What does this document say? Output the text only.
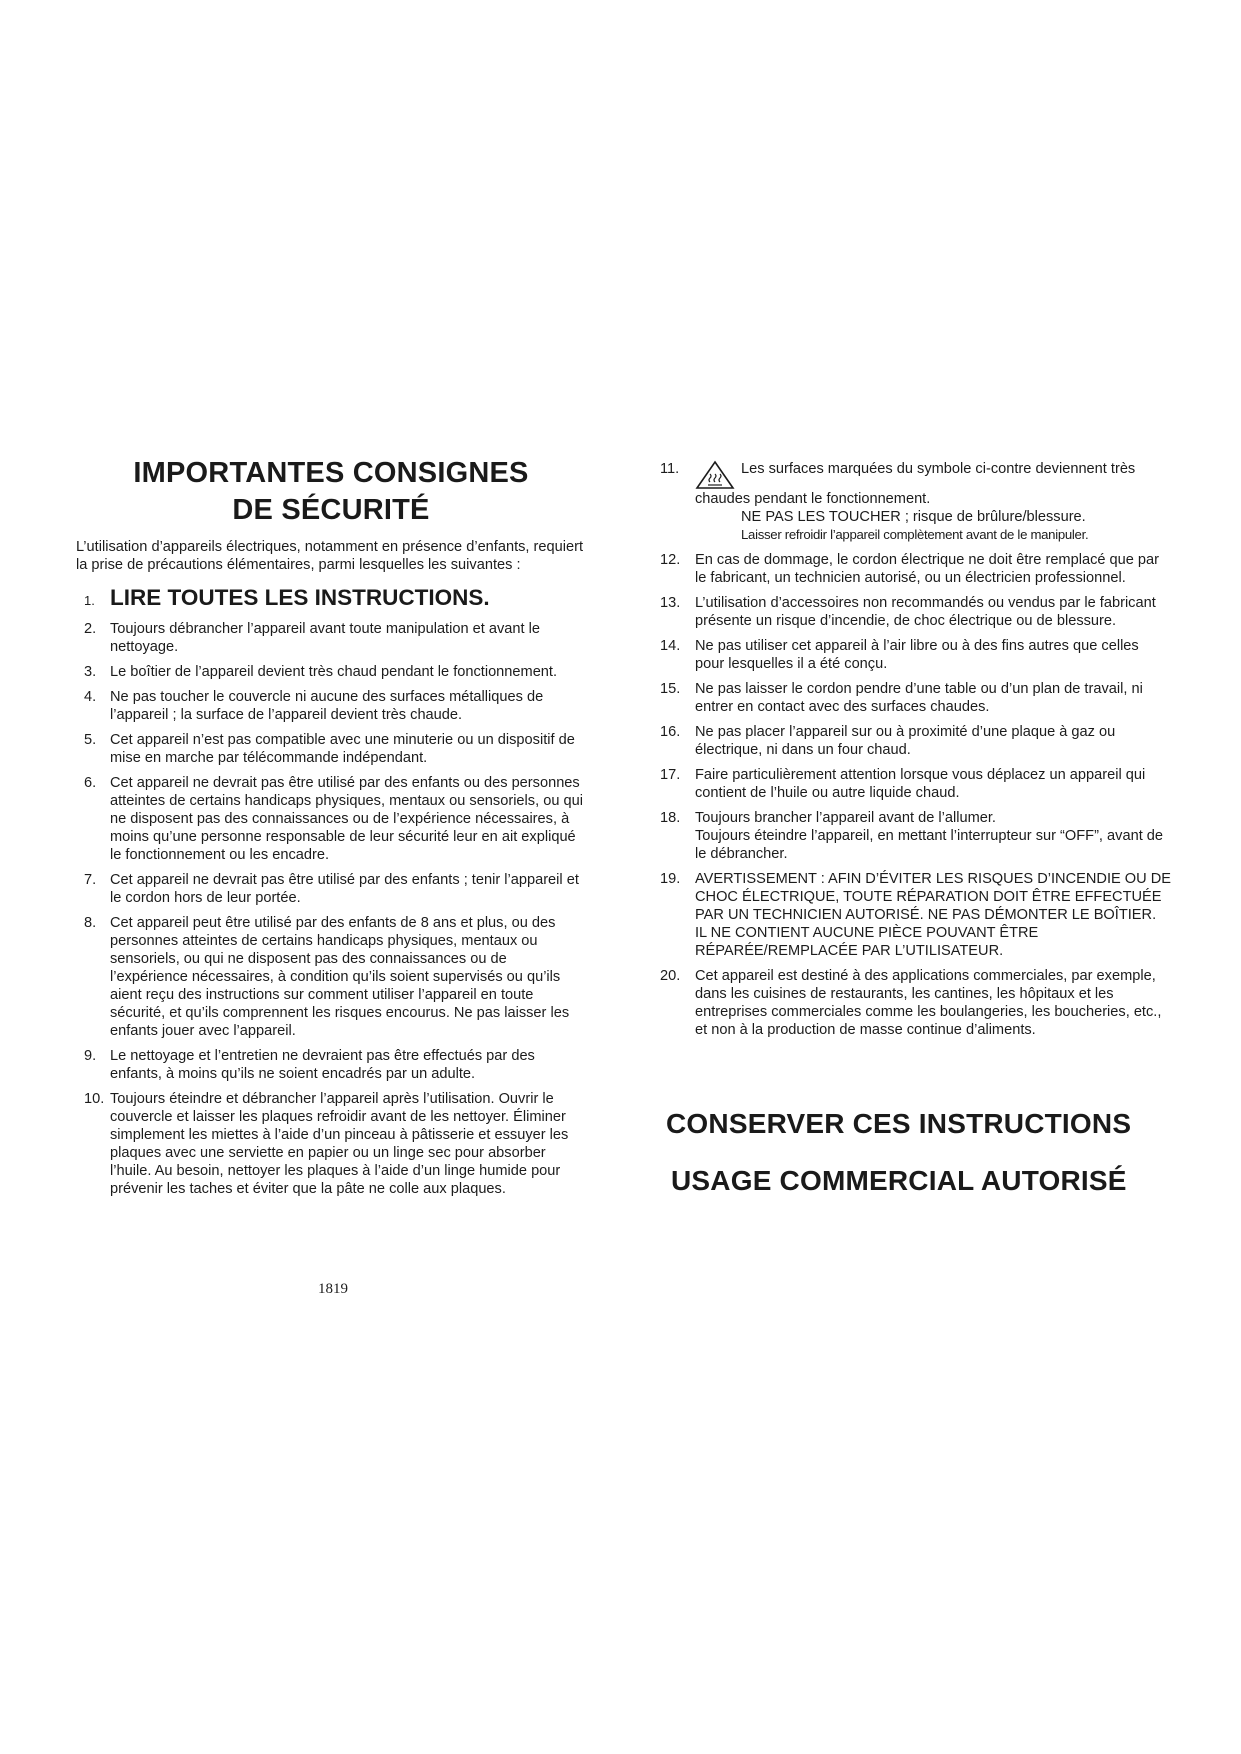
IMPORTANTES CONSIGNES
DE SÉCURITÉ

L’utilisation d’appareils électriques, notamment en présence d’enfants, requiert la prise de précautions élémentaires, parmi lesquelles les suivantes :

1. LIRE TOUTES LES INSTRUCTIONS.
2. Toujours débrancher l’appareil avant toute manipulation et avant le nettoyage.
3. Le boîtier de l’appareil devient très chaud pendant le fonctionnement.
4. Ne pas toucher le couvercle ni aucune des surfaces métalliques de l’appareil ; la surface de l’appareil devient très chaude.
5. Cet appareil n’est pas compatible avec une minuterie ou un dispositif de mise en marche par télécommande indépendant.
6. Cet appareil ne devrait pas être utilisé par des enfants ou des personnes atteintes de certains handicaps physiques, mentaux ou sensoriels, ou qui ne disposent pas des connaissances ou de l’expérience nécessaires, à moins qu’une personne responsable de leur sécurité leur en ait expliqué le fonctionnement ou les encadre.
7. Cet appareil ne devrait pas être utilisé par des enfants ; tenir l’appareil et le cordon hors de leur portée.
8. Cet appareil peut être utilisé par des enfants de 8 ans et plus, ou des personnes atteintes de certains handicaps physiques, mentaux ou sensoriels, ou qui ne disposent pas des connaissances ou de l’expérience nécessaires, à condition qu’ils soient supervisés ou qu’ils aient reçu des instructions sur comment utiliser l’appareil en toute sécurité, et qu’ils comprennent les risques encourus. Ne pas laisser les enfants jouer avec l’appareil.
9. Le nettoyage et l’entretien ne devraient pas être effectués par des enfants, à moins qu’ils ne soient encadrés par un adulte.
10. Toujours éteindre et débrancher l’appareil après l’utilisation. Ouvrir le couvercle et laisser les plaques refroidir avant de les nettoyer. Éliminer simplement les miettes à l’aide d’un pinceau à pâtisserie et essuyer les plaques avec une serviette en papier ou un linge sec pour absorber l’huile. Au besoin, nettoyer les plaques à l’aide d’un linge humide pour prévenir les taches et éviter que la pâte ne colle aux plaques.
1819
11.	Les surfaces marquées du symbole ci-contre deviennent très chaudes pendant le fonctionnement.
NE PAS LES TOUCHER ; risque de brûlure/blessure.
Laisser refroidir l’appareil complètement avant de le manipuler.
12.	En cas de dommage, le cordon électrique ne doit être remplacé que par le fabricant, un technicien autorisé, ou un électricien professionnel.
13.	L’utilisation d’accessoires non recommandés ou vendus par le fabricant présente un risque d’incendie, de choc électrique ou de blessure.
14.	Ne pas utiliser cet appareil à l’air libre ou à des fins autres que celles pour lesquelles il a été conçu.
15.	Ne pas laisser le cordon pendre d’une table ou d’un plan de travail, ni entrer en contact avec des surfaces chaudes.
16.	Ne pas placer l’appareil sur ou à proximité d’une plaque à gaz ou électrique, ni dans un four chaud.
17.	Faire particulièrement attention lorsque vous déplacez un appareil qui contient de l’huile ou autre liquide chaud.
18.	Toujours brancher l’appareil avant de l’allumer.
Toujours éteindre l’appareil, en mettant l’interrupteur sur “OFF”, avant de le débrancher.
19.	AVERTISSEMENT : AFIN D’ÉVITER LES RISQUES D’INCENDIE OU DE CHOC ÉLECTRIQUE, TOUTE RÉPARATION DOIT ÊTRE EFFECTUÉE PAR UN TECHNICIEN AUTORISÉ. NE PAS DÉMONTER LE BOÎTIER. IL NE CONTIENT AUCUNE PIÈCE POUVANT ÊTRE RÉPARÉE/REMPLACÉE PAR L’UTILISATEUR.
20.	Cet appareil est destiné à des applications commerciales, par exemple, dans les cuisines de restaurants, les cantines, les hôpitaux et les entreprises commerciales comme les boulangeries, les boucheries, etc., et non à la production de masse continue d’aliments.
CONSERVER CES INSTRUCTIONS
USAGE COMMERCIAL AUTORISÉ
